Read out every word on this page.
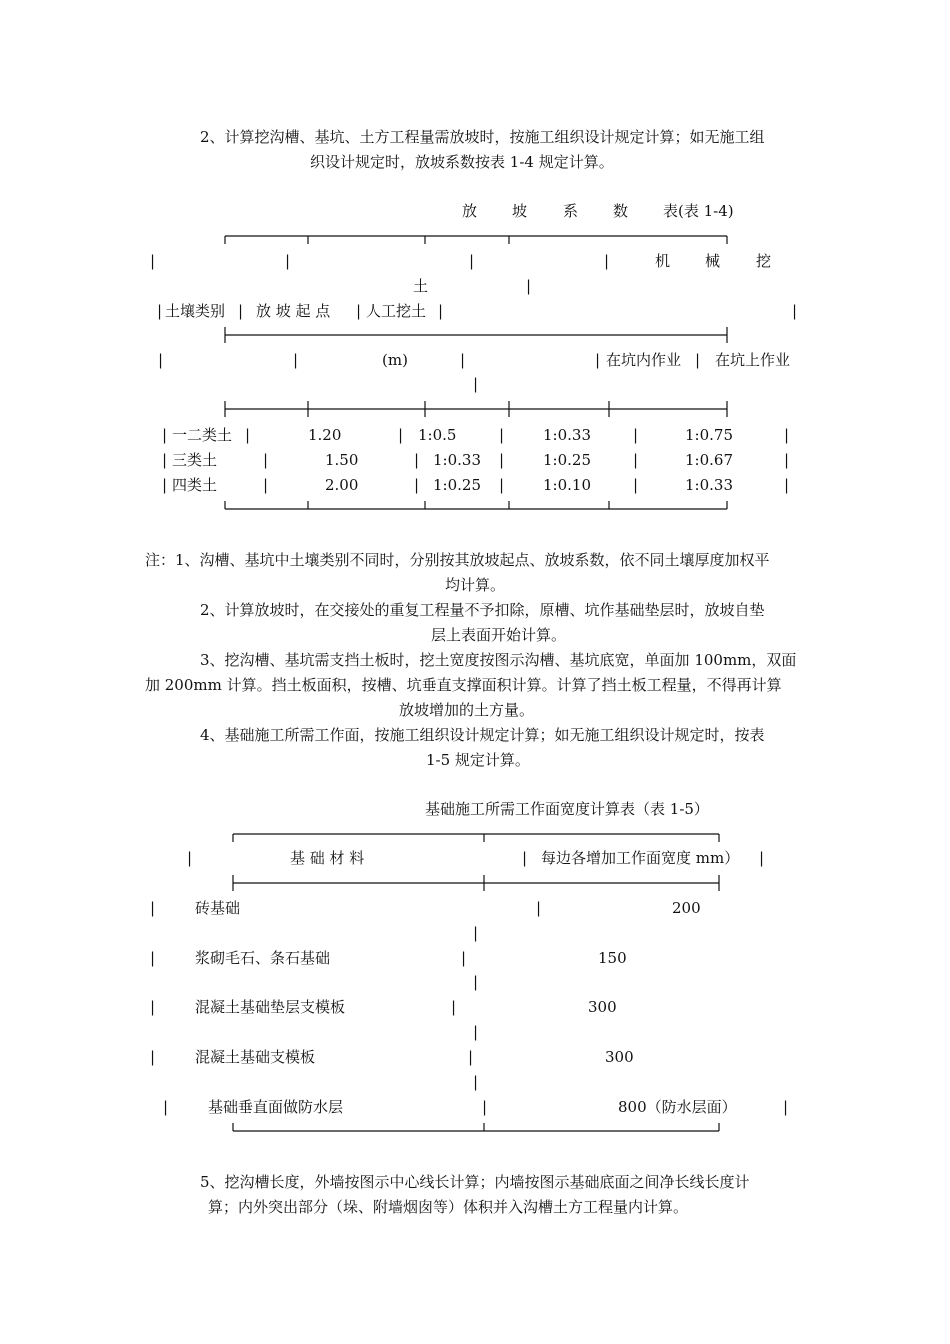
2、计算挖沟槽、基坑、土方工程量需放坡时，按施工组织设计规定计算；如无施工组
织设计规定时，放坡系数按表 1-4 规定计算。
放 坡 系 数 表(表 1-4)
|	|	|	|	机 械 挖
土	|
| 土壤类别 | 放 坡 起 点 | 人工挖土 |	|
|	|	(m)	|	| 在坑内作业 | 在坑上作业
|
| 一二类土 |	1.20	| 1:0.5	|	1:0.33	|	1:0.75	|
| 三类土	|	1.50	| 1:0.33 |	1:0.25	|	1:0.67	|
| 四类土	|	2.00	| 1:0.25 |	1:0.10	|	1:0.33	|
注：1、沟槽、基坑中土壤类别不同时，分别按其放坡起点、放坡系数，依不同土壤厚度加权平
均计算。
2、计算放坡时，在交接处的重复工程量不予扣除，原槽、坑作基础垫层时，放坡自垫
层上表面开始计算。
3、挖沟槽、基坑需支挡土板时，挖土宽度按图示沟槽、基坑底宽，单面加 100mm，双面
加 200mm 计算。挡土板面积，按槽、坑垂直支撑面积计算。计算了挡土板工程量，不得再计算
放坡增加的土方量。
4、基础施工所需工作面，按施工组织设计规定计算；如无施工组织设计规定时，按表
1-5 规定计算。
基础施工所需工作面宽度计算表（表 1-5）
|	基 础 材 料	| 每边各增加工作面宽度 mm） |
|	砖基础	|	200
|
|	浆砌毛石、条石基础	|	150
|
|	混凝土基础垫层支模板	|	300
|
|	混凝土基础支模板	|	300
|
|	基础垂直面做防水层	|	800（防水层面）	|
5、挖沟槽长度，外墙按图示中心线长计算；内墙按图示基础底面之间净长线长度计
算；内外突出部分（垛、附墙烟囱等）体积并入沟槽土方工程量内计算。
